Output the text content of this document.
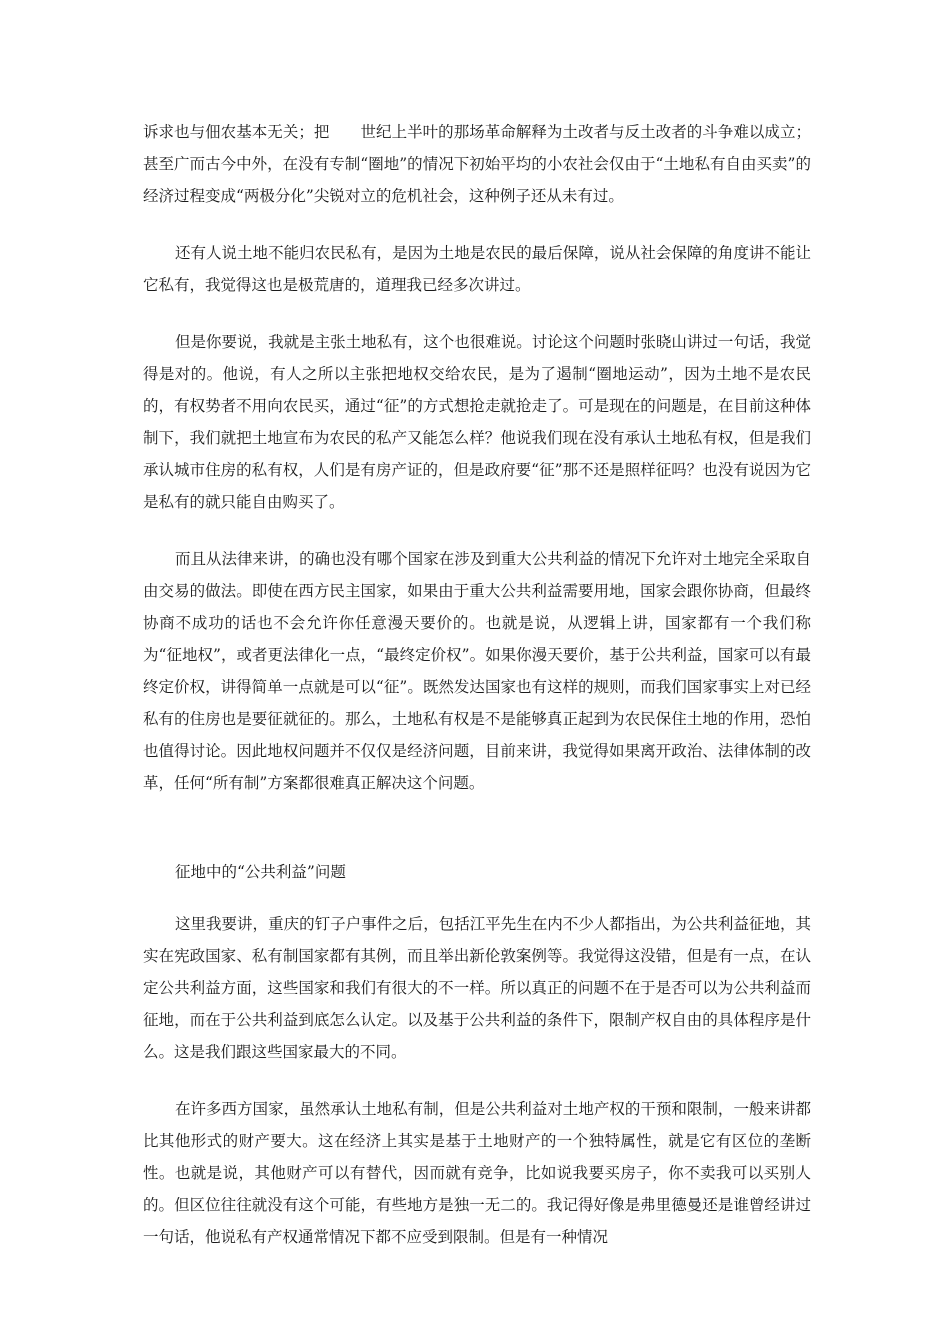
诉求也与佃农基本无关；把　　世纪上半叶的那场革命解释为土改者与反土改者的斗争难以成立；甚至广而古今中外，在没有专制“圈地”的情况下初始平均的小农社会仅由于“土地私有自由买卖”的经济过程变成“两极分化”尖锐对立的危机社会，这种例子还从未有过。

还有人说土地不能归农民私有，是因为土地是农民的最后保障，说从社会保障的角度讲不能让它私有，我觉得这也是极荒唐的，道理我已经多次讲过。

但是你要说，我就是主张土地私有，这个也很难说。讨论这个问题时张晓山讲过一句话，我觉得是对的。他说，有人之所以主张把地权交给农民，是为了遏制“圈地运动”，因为土地不是农民的，有权势者不用向农民买，通过“征”的方式想抢走就抢走了。可是现在的问题是，在目前这种体制下，我们就把土地宣布为农民的私产又能怎么样？他说我们现在没有承认土地私有权，但是我们承认城市住房的私有权，人们是有房产证的，但是政府要“征”那不还是照样征吗？也没有说因为它是私有的就只能自由购买了。

而且从法律来讲，的确也没有哪个国家在涉及到重大公共利益的情况下允许对土地完全采取自由交易的做法。即使在西方民主国家，如果由于重大公共利益需要用地，国家会跟你协商，但最终协商不成功的话也不会允许你任意漫天要价的。也就是说，从逻辑上讲，国家都有一个我们称为“征地权”，或者更法律化一点，“最终定价权”。如果你漫天要价，基于公共利益，国家可以有最终定价权，讲得简单一点就是可以“征”。既然发达国家也有这样的规则，而我们国家事实上对已经私有的住房也是要征就征的。那么，土地私有权是不是能够真正起到为农民保住土地的作用，恐怕也值得讨论。因此地权问题并不仅仅是经济问题，目前来讲，我觉得如果离开政治、法律体制的改革，任何“所有制”方案都很难真正解决这个问题。

征地中的“公共利益”问题

这里我要讲，重庆的钉子户事件之后，包括江平先生在内不少人都指出，为公共利益征地，其实在宪政国家、私有制国家都有其例，而且举出新伦敦案例等。我觉得这没错，但是有一点，在认定公共利益方面，这些国家和我们有很大的不一样。所以真正的问题不在于是否可以为公共利益而征地，而在于公共利益到底怎么认定。以及基于公共利益的条件下，限制产权自由的具体程序是什么。这是我们跟这些国家最大的不同。

在许多西方国家，虽然承认土地私有制，但是公共利益对土地产权的干预和限制，一般来讲都比其他形式的财产要大。这在经济上其实是基于土地财产的一个独特属性，就是它有区位的垄断性。也就是说，其他财产可以有替代，因而就有竞争，比如说我要买房子，你不卖我可以买别人的。但区位往往就没有这个可能，有些地方是独一无二的。我记得好像是弗里德曼还是谁曾经讲过一句话，他说私有产权通常情况下都不应受到限制。但是有一种情况
